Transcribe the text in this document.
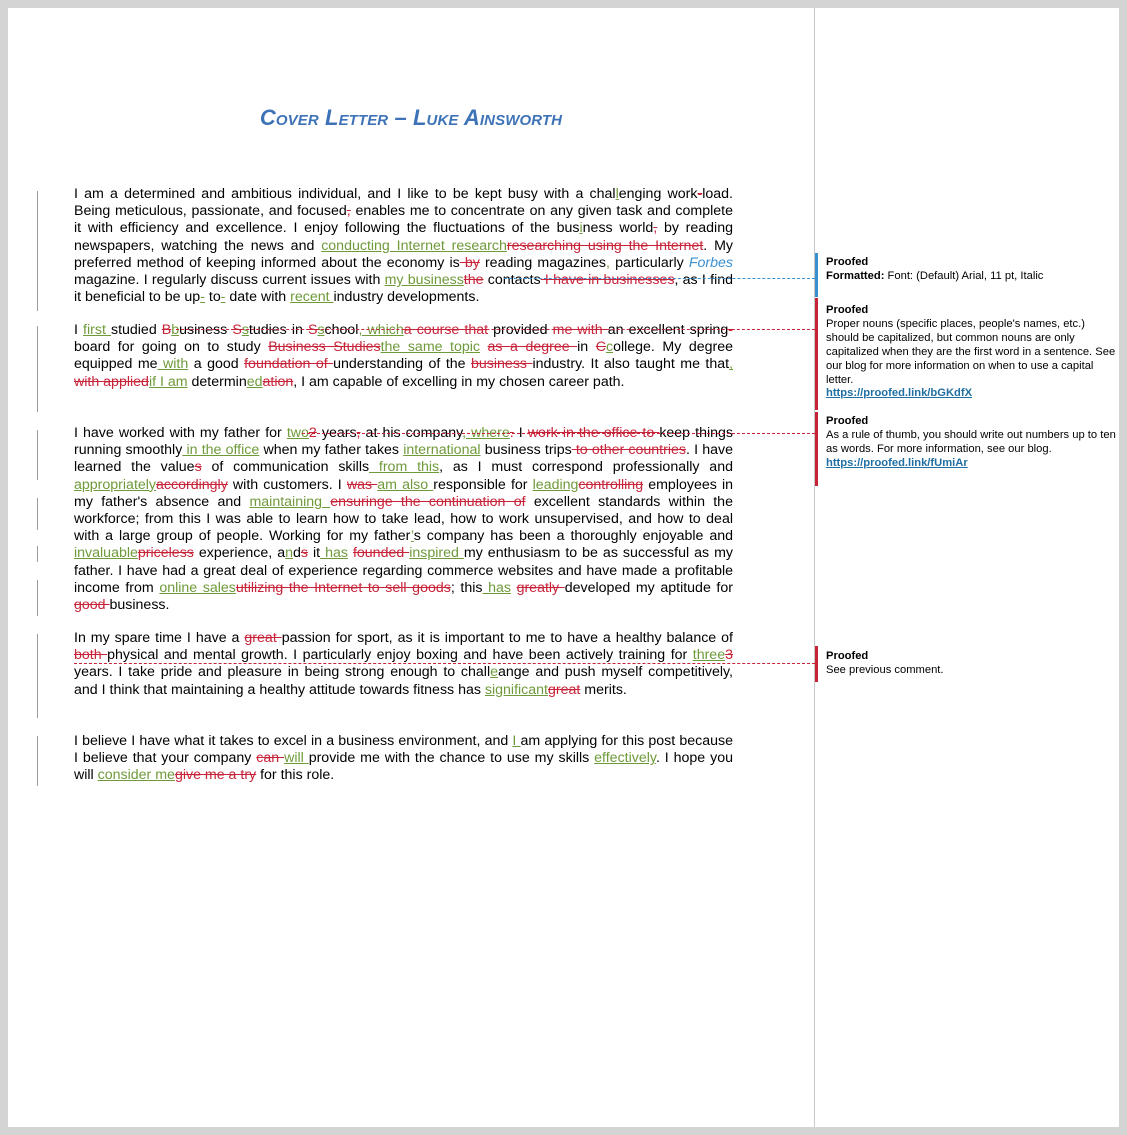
Cover Letter – Luke Ainsworth
I am a determined and ambitious individual, and I like to be kept busy with a challenging work-load. Being meticulous, passionate, and focused, enables me to concentrate on any given task and complete it with efficiency and excellence. I enjoy following the fluctuations of the business world, by reading newspapers, watching the news and conducting Internet researchresearching using the Internet. My preferred method of keeping informed about the economy is by reading magazines, particularly Forbes magazine. I regularly discuss current issues with my businessthe contacts I have in businesses, as I find it beneficial to be up- to- date with recent industry developments.
I first studied Bbusiness Sstudies in Sschool, whicha course that provided me with an excellent spring-board for going on to study Business Studiesthe same topic as a degree in Ccollege. My degree equipped me with a good foundation of understanding of the business industry. It also taught me that, with appliedif I am determinedation, I am capable of excelling in my chosen career path.
I have worked with my father for two2 years, at his company, where. I work in the office to keep things running smoothly in the office when my father takes international business trips to other countries. I have learned the values of communication skills from this, as I must correspond professionally and appropriatelyaccordingly with customers. I was am also responsible for leadingcontrolling employees in my father's absence and maintaining ensuringe the continuation of excellent standards within the workforce; from this I was able to learn how to take lead, how to work unsupervised, and how to deal with a large group of people. Working for my father’s company has been a thoroughly enjoyable and invaluablepriceless experience, ands it has founded inspired my enthusiasm to be as successful as my father. I have had a great deal of experience regarding commerce websites and have made a profitable income from online salesutilizing the Internet to sell goods; this has greatly developed my aptitude for good business.
In my spare time I have a great passion for sport, as it is important to me to have a healthy balance of both physical and mental growth. I particularly enjoy boxing and have been actively training for three3 years. I take pride and pleasure in being strong enough to challeange and push myself competitively, and I think that maintaining a healthy attitude towards fitness has significantgreat merits.
I believe I have what it takes to excel in a business environment, and I am applying for this post because I believe that your company can will provide me with the chance to use my skills effectively. I hope you will consider megive me a try for this role.
Proofed
Formatted: Font: (Default) Arial, 11 pt, Italic
Proofed
Proper nouns (specific places, people's names, etc.) should be capitalized, but common nouns are only capitalized when they are the first word in a sentence. See our blog for more information on when to use a capital letter.
https://proofed.link/bGKdfX
Proofed
As a rule of thumb, you should write out numbers up to ten as words. For more information, see our blog.
https://proofed.link/fUmiAr
Proofed
See previous comment.
